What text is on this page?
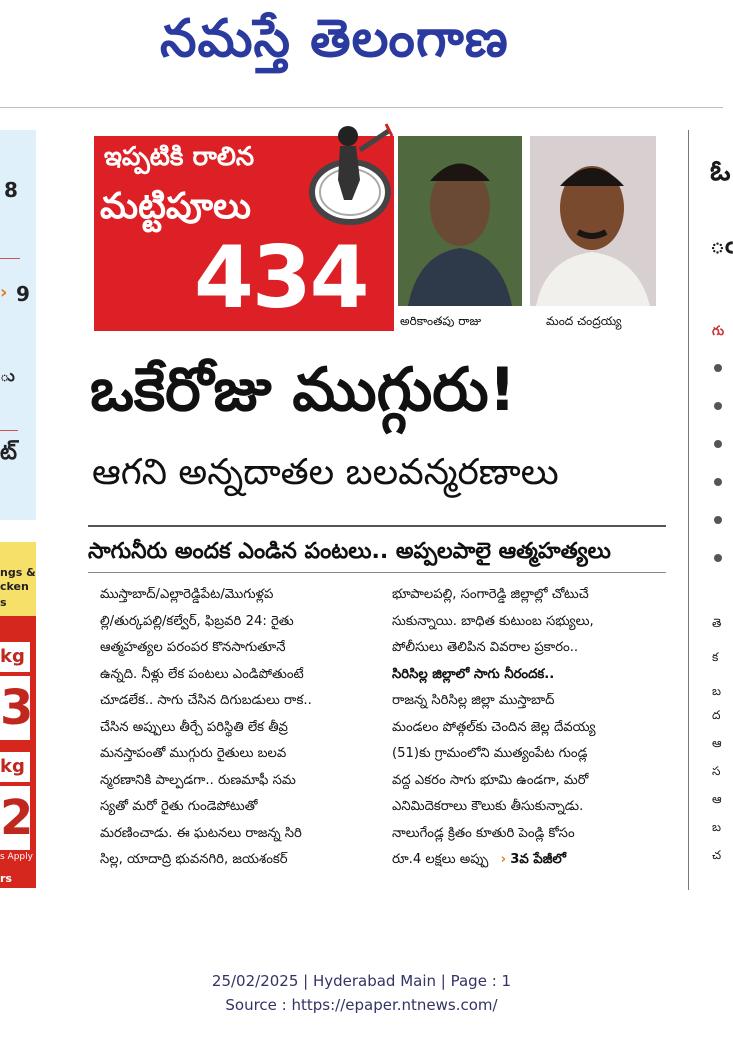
నమస్తే తెలంగాణ
8
› 9
ు
ట్
ngs &
cken
s
kg
3
kg
2
s Apply
rs
ఇప్పటికి రాలిన
మట్టిపూలు
434	అరికాంతపు రాజు	మంద చంద్రయ్య
ఒకేరోజు ముగ్గురు!
ఆగని అన్నదాతల బలవన్మరణాలు
సాగునీరు అందక ఎండిన పంటలు.. అప్పలపాలై ఆత్మహత్యలు

ముస్తాబాద్/ఎల్లారెడ్డిపేట/మొగుళ్లప

ల్లి/తుర్కపల్లి/కల్వేర్, ఫిబ్రవరి 24: రైతు

ఆత్మహత్యల పరంపర కొనసాగుతూనే

ఉన్నది. నీళ్లు లేక పంటలు ఎండిపోతుంటే

చూడలేక.. సాగు చేసిన దిగుబడులు రాక..

చేసిన అప్పులు తీర్చే పరిస్థితి లేక తీవ్ర

మనస్తాపంతో ముగ్గురు రైతులు బలవ

న్మరణానికి పాల్పడగా.. రుణమాఫీ సమ

స్యతో మరో రైతు గుండెపోటుతో

మరణించాడు. ఈ ఘటనలు రాజన్న సిరి

సిల్ల, యాదాద్రి భువనగిరి, జయశంకర్

భూపాలపల్లి, సంగారెడ్డి జిల్లాల్లో చోటుచే

సుకున్నాయి. బాధిత కుటుంబ సభ్యులు,

పోలీసులు తెలిపిన వివరాల ప్రకారం..

సిరిసిల్ల జిల్లాలో సాగు నీరందక..

రాజన్న సిరిసిల్ల జిల్లా ముస్తాబాద్

మండలం పోత్గల్‌కు చెందిన జెల్ల దేవయ్య

(51)కు గ్రామంలోని ముత్యంపేట గుండ్ల

వద్ద ఎకరం సాగు భూమి ఉండగా, మరో

ఎనిమిదెకరాలు కౌలుకు తీసుకున్నాడు.

నాలుగేండ్ల క్రితం కూతురి పెండ్లి కోసం

రూ.4 లక్షలు అప్పు › 3వ పేజీలో

ఓ
ఁ
గు
తె
క
బ
ద
ఆ
స
ఆ
బ
చ
25/02/2025 | Hyderabad Main | Page : 1
Source : https://epaper.ntnews.com/
